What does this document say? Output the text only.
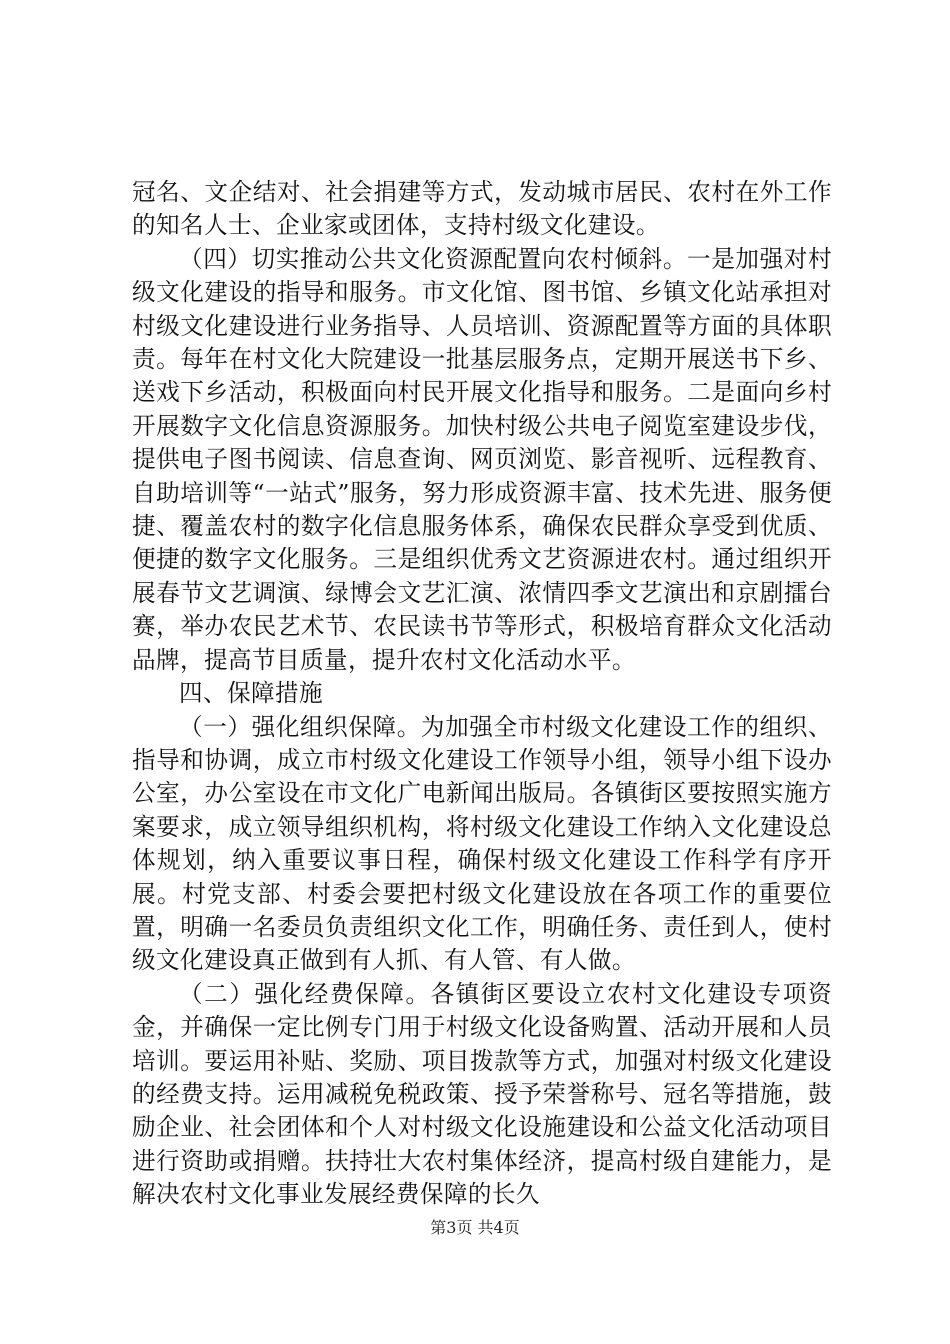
冠名、文企结对、社会捐建等方式，发动城市居民、农村在外工作的知名人士、企业家或团体，支持村级文化建设。

（四）切实推动公共文化资源配置向农村倾斜。一是加强对村级文化建设的指导和服务。市文化馆、图书馆、乡镇文化站承担对村级文化建设进行业务指导、人员培训、资源配置等方面的具体职责。每年在村文化大院建设一批基层服务点，定期开展送书下乡、送戏下乡活动，积极面向村民开展文化指导和服务。二是面向乡村开展数字文化信息资源服务。加快村级公共电子阅览室建设步伐，提供电子图书阅读、信息查询、网页浏览、影音视听、远程教育、自助培训等“一站式”服务，努力形成资源丰富、技术先进、服务便捷、覆盖农村的数字化信息服务体系，确保农民群众享受到优质、便捷的数字文化服务。三是组织优秀文艺资源进农村。通过组织开展春节文艺调演、绿博会文艺汇演、浓情四季文艺演出和京剧擂台赛，举办农民艺术节、农民读书节等形式，积极培育群众文化活动品牌，提高节目质量，提升农村文化活动水平。

四、保障措施

（一）强化组织保障。为加强全市村级文化建设工作的组织、指导和协调，成立市村级文化建设工作领导小组，领导小组下设办公室，办公室设在市文化广电新闻出版局。各镇街区要按照实施方案要求，成立领导组织机构，将村级文化建设工作纳入文化建设总体规划，纳入重要议事日程，确保村级文化建设工作科学有序开展。村党支部、村委会要把村级文化建设放在各项工作的重要位置，明确一名委员负责组织文化工作，明确任务、责任到人，使村级文化建设真正做到有人抓、有人管、有人做。

（二）强化经费保障。各镇街区要设立农村文化建设专项资金，并确保一定比例专门用于村级文化设备购置、活动开展和人员培训。要运用补贴、奖励、项目拨款等方式，加强对村级文化建设的经费支持。运用减税免税政策、授予荣誉称号、冠名等措施，鼓励企业、社会团体和个人对村级文化设施建设和公益文化活动项目进行资助或捐赠。扶持壮大农村集体经济，提高村级自建能力，是解决农村文化事业发展经费保障的长久

第3页 共4页
